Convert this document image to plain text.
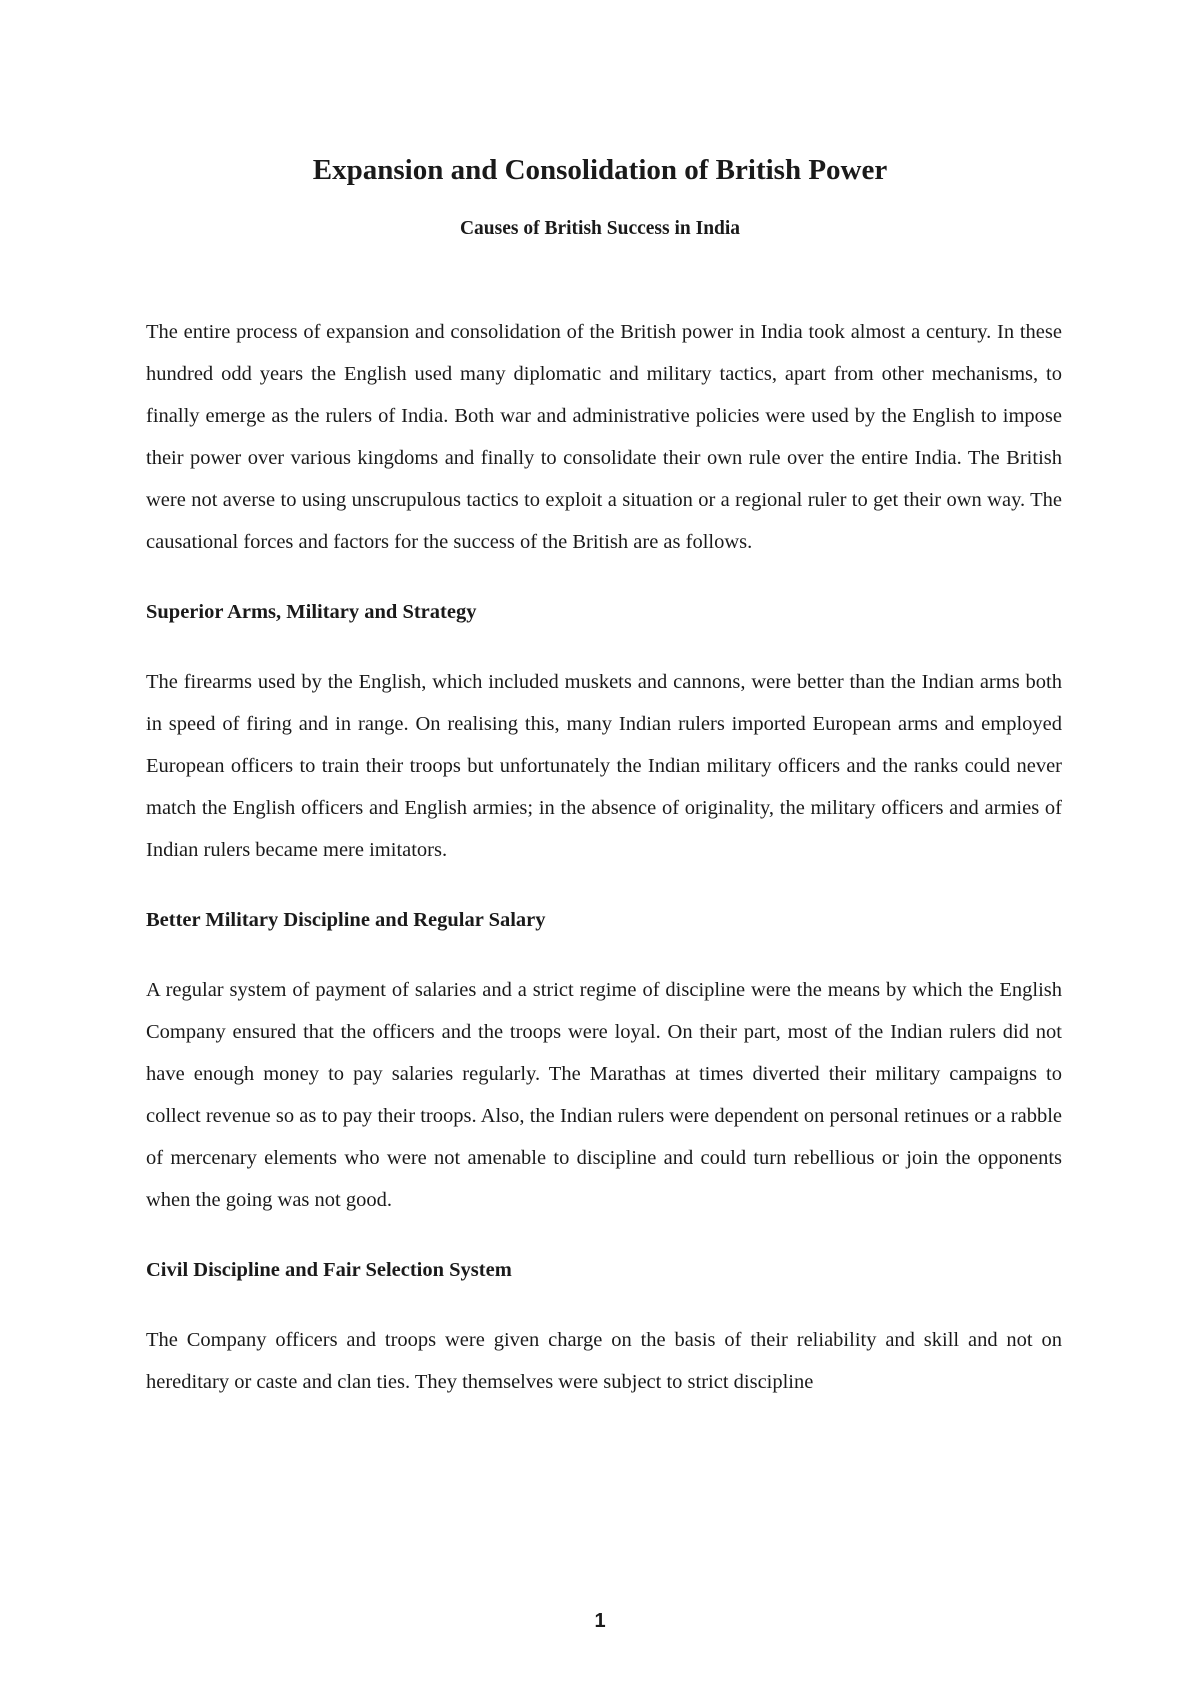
Expansion and Consolidation of British Power
Causes of British Success in India

The entire process of expansion and consolidation of the British power in India took almost a century. In these hundred odd years the English used many diplomatic and military tactics, apart from other mechanisms, to finally emerge as the rulers of India. Both war and administrative policies were used by the English to impose their power over various kingdoms and finally to consolidate their own rule over the entire India. The British were not averse to using unscrupulous tactics to exploit a situation or a regional ruler to get their own way. The causational forces and factors for the success of the British are as follows.

Superior Arms, Military and Strategy

The firearms used by the English, which included muskets and cannons, were better than the Indian arms both in speed of firing and in range. On realising this, many Indian rulers imported European arms and employed European officers to train their troops but unfortunately the Indian military officers and the ranks could never match the English officers and English armies; in the absence of originality, the military officers and armies of Indian rulers became mere imitators.

Better Military Discipline and Regular Salary

A regular system of payment of salaries and a strict regime of discipline were the means by which the English Company ensured that the officers and the troops were loyal. On their part, most of the Indian rulers did not have enough money to pay salaries regularly. The Marathas at times diverted their military campaigns to collect revenue so as to pay their troops. Also, the Indian rulers were dependent on personal retinues or a rabble of mercenary elements who were not amenable to discipline and could turn rebellious or join the opponents when the going was not good.

Civil Discipline and Fair Selection System

The Company officers and troops were given charge on the basis of their reliability and skill and not on hereditary or caste and clan ties. They themselves were subject to strict discipline

1
